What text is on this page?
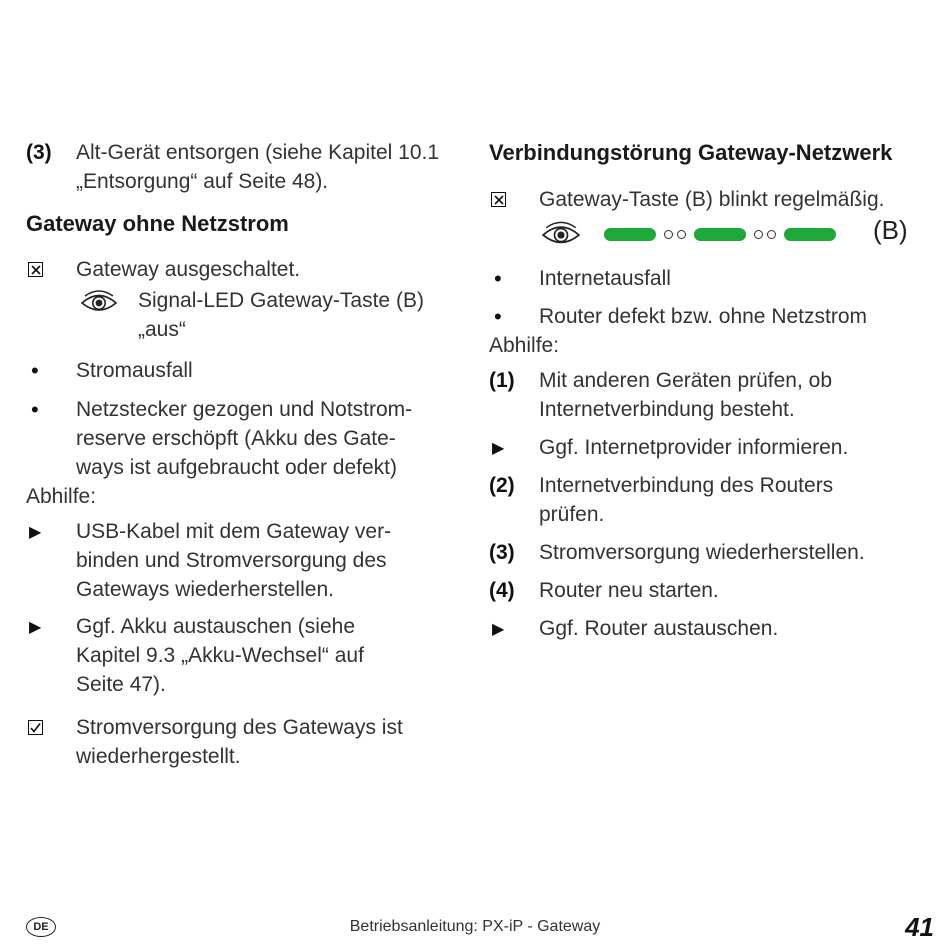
(3)	Alt-Gerät entsorgen (siehe Kapitel 10.1
„Entsorgung“ auf Seite 48).
Gateway ohne Netzstrom
Gateway ausgeschaltet.
Signal-LED Gateway-Taste (B)
„aus“
•	Stromausfall
•	Netzstecker gezogen und Notstrom-
reserve erschöpft (Akku des Gate-
ways ist aufgebraucht oder defekt)
Abhilfe:
▶	USB-Kabel mit dem Gateway ver-
binden und Stromversorgung des
Gateways wiederherstellen.
▶	Ggf. Akku austauschen (siehe
Kapitel 9.3 „Akku-Wechsel“ auf
Seite 47).
Stromversorgung des Gateways ist
wiederhergestellt.
Verbindungstörung Gateway-Netzwerk
Gateway-Taste (B) blinkt regelmäßig.
(B)
•	Internetausfall
•	Router defekt bzw. ohne Netzstrom
Abhilfe:
(1)	Mit anderen Geräten prüfen, ob
Internetverbindung besteht.
▶	Ggf. Internetprovider informieren.
(2)	Internetverbindung des Routers
prüfen.
(3)	Stromversorgung wiederherstellen.
(4)	Router neu starten.
▶	Ggf. Router austauschen.
DE	Betriebsanleitung: PX-iP - Gateway	41
